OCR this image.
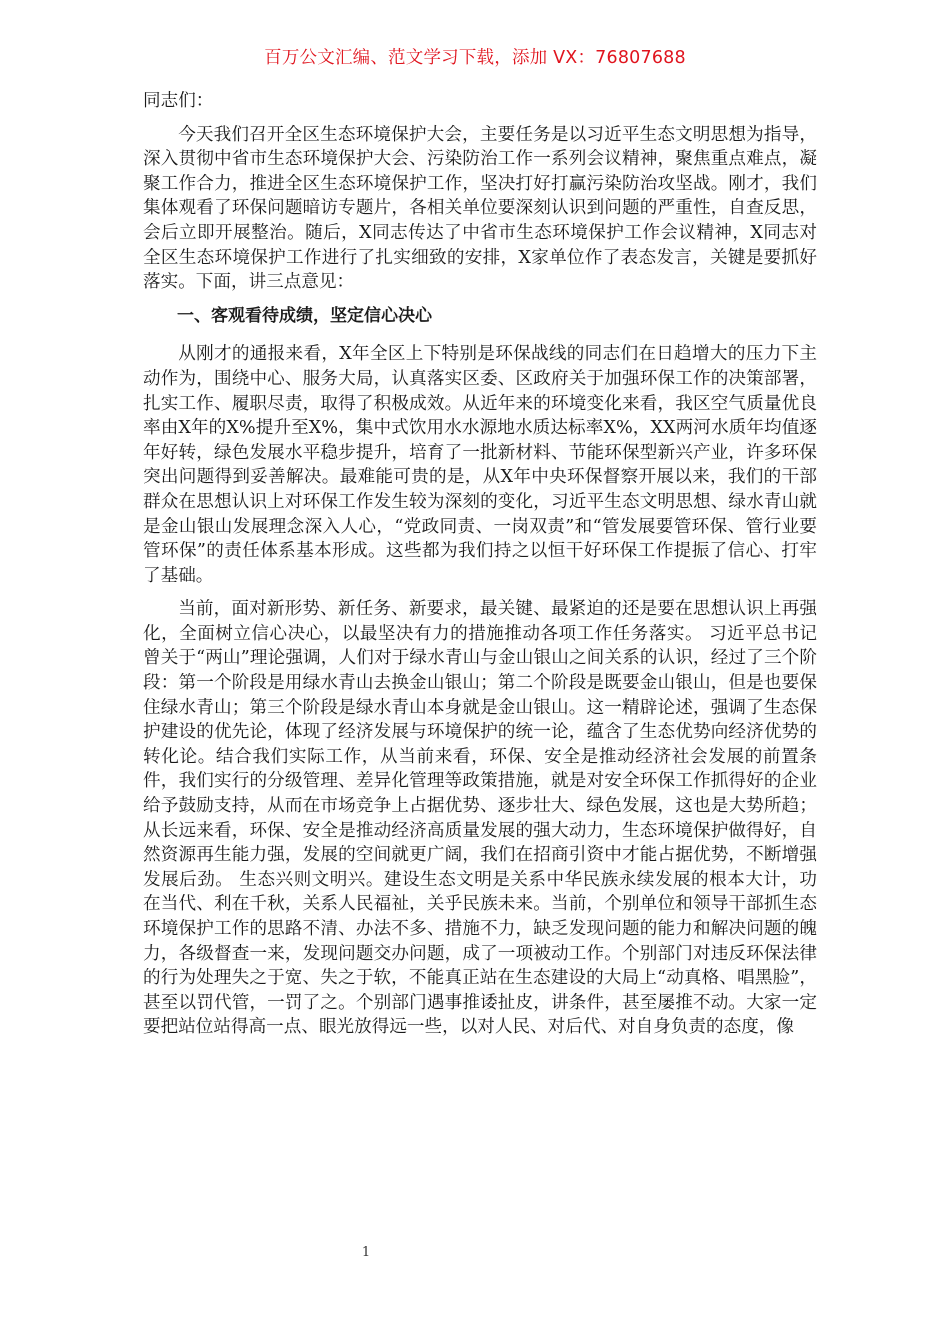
百万公文汇编、范文学习下载，添加 VX：76807688

同志们：

今天我们召开全区生态环境保护大会，主要任务是以习近平生态文明思想为指导，深入贯彻中省市生态环境保护大会、污染防治工作一系列会议精神，聚焦重点难点，凝聚工作合力，推进全区生态环境保护工作，坚决打好打赢污染防治攻坚战。刚才，我们集体观看了环保问题暗访专题片，各相关单位要深刻认识到问题的严重性，自查反思，会后立即开展整治。随后，X同志传达了中省市生态环境保护工作会议精神，X同志对全区生态环境保护工作进行了扎实细致的安排，X家单位作了表态发言，关键是要抓好落实。下面，讲三点意见：

一、客观看待成绩，坚定信心决心

从刚才的通报来看，X年全区上下特别是环保战线的同志们在日趋增大的压力下主动作为，围绕中心、服务大局，认真落实区委、区政府关于加强环保工作的决策部署，扎实工作、履职尽责，取得了积极成效。从近年来的环境变化来看，我区空气质量优良率由X年的X%提升至X%，集中式饮用水水源地水质达标率X%，XX两河水质年均值逐年好转，绿色发展水平稳步提升，培育了一批新材料、节能环保型新兴产业，许多环保突出问题得到妥善解决。最难能可贵的是，从X年中央环保督察开展以来，我们的干部群众在思想认识上对环保工作发生较为深刻的变化，习近平生态文明思想、绿水青山就是金山银山发展理念深入人心，“党政同责、一岗双责”和“管发展要管环保、管行业要管环保”的责任体系基本形成。这些都为我们持之以恒干好环保工作提振了信心、打牢了基础。

当前，面对新形势、新任务、新要求，最关键、最紧迫的还是要在思想认识上再强化，全面树立信心决心，以最坚决有力的措施推动各项工作任务落实。 习近平总书记曾关于“两山”理论强调，人们对于绿水青山与金山银山之间关系的认识，经过了三个阶段：第一个阶段是用绿水青山去换金山银山；第二个阶段是既要金山银山，但是也要保住绿水青山；第三个阶段是绿水青山本身就是金山银山。这一精辟论述，强调了生态保护建设的优先论，体现了经济发展与环境保护的统一论，蕴含了生态优势向经济优势的转化论。结合我们实际工作，从当前来看，环保、安全是推动经济社会发展的前置条件，我们实行的分级管理、差异化管理等政策措施，就是对安全环保工作抓得好的企业给予鼓励支持，从而在市场竞争上占据优势、逐步壮大、绿色发展，这也是大势所趋；从长远来看，环保、安全是推动经济高质量发展的强大动力，生态环境保护做得好，自然资源再生能力强，发展的空间就更广阔，我们在招商引资中才能占据优势，不断增强发展后劲。 生态兴则文明兴。建设生态文明是关系中华民族永续发展的根本大计，功在当代、利在千秋，关系人民福祉，关乎民族未来。当前，个别单位和领导干部抓生态环境保护工作的思路不清、办法不多、措施不力，缺乏发现问题的能力和解决问题的魄力，各级督查一来，发现问题交办问题，成了一项被动工作。个别部门对违反环保法律的行为处理失之于宽、失之于软，不能真正站在生态建设的大局上“动真格、唱黑脸”，甚至以罚代管，一罚了之。个别部门遇事推诿扯皮，讲条件，甚至屡推不动。大家一定要把站位站得高一点、眼光放得远一些，以对人民、对后代、对自身负责的态度，像

1
